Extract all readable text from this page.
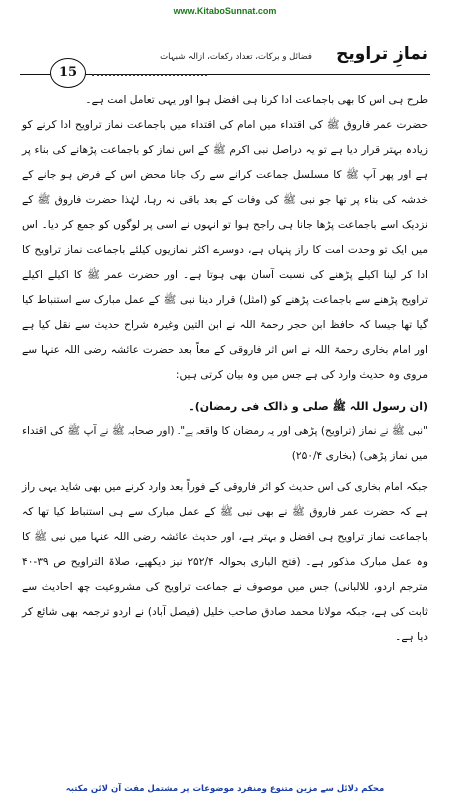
www.KitaboSunnat.com
نمازِ تراویح
فضائل و برکات، تعداد رکعات، ازالہ شبہات
15

طرح ہی اس کا بھی باجماعت ادا کرنا ہی افضل ہوا اور یہی تعامل امت ہے۔

حضرت عمر فاروق ﷺ کی اقتداء میں امام کی اقتداء میں باجماعت نماز تراویح ادا کرنے کو زیادہ بہتر قرار دیا ہے تو یہ دراصل نبی اکرم ﷺ کے اس نماز کو باجماعت پڑھانے کی بناء پر ہے اور پھر آپ ﷺ کا مسلسل جماعت کرانے سے رک جانا محض اس کے فرض ہو جانے کے خدشہ کی بناء پر تھا جو نبی ﷺ کی وفات کے بعد باقی نہ رہا، لہٰذا حضرت فاروق ﷺ کے نزدیک اسے باجماعت پڑھا جانا ہی راجح ہوا تو انہوں نے اسی پر لوگوں کو جمع کر دیا۔ اس میں ایک تو وحدت امت کا راز پنہاں ہے، دوسرے اکثر نمازیوں کیلئے باجماعت نماز تراویح کا ادا کر لینا اکیلے پڑھنے کی نسبت آسان بھی ہوتا ہے۔ اور حضرت عمر ﷺ کا اکیلے اکیلے تراویح پڑھنے سے باجماعت پڑھنے کو (امثل) قرار دینا نبی ﷺ کے عمل مبارک سے استنباط کیا گیا تھا جیسا کہ حافظ ابن حجر رحمۃ اللہ نے ابن التین وغیرہ شراح حدیث سے نقل کیا ہے اور امام بخاری رحمۃ اللہ نے اس اثر فاروقی کے معاً بعد حضرت عائشہ رضی اللہ عنہا سے مروی وہ حدیث وارد کی ہے جس میں وہ بیان کرتی ہیں:

(ان رسول اللہ ﷺ صلی و ذالک فی رمضان)۔

"نبی ﷺ نے نماز (تراویح) پڑھی اور یہ رمضان کا واقعہ ہے"۔ (اور صحابہ ﷺ نے آپ ﷺ کی اقتداء میں نماز پڑھی) (بخاری ۲۵۰/۴)

جبکہ امام بخاری کی اس حدیث کو اثر فاروقی کے فوراً بعد وارد کرنے میں بھی شاید یہی راز ہے کہ حضرت عمر فاروق ﷺ نے بھی نبی ﷺ کے عمل مبارک سے ہی استنباط کیا تھا کہ باجماعت نماز تراویح ہی افضل و بہتر ہے، اور حدیث عائشہ رضی اللہ عنہا میں نبی ﷺ کا وہ عمل مبارک مذکور ہے۔ (فتح الباری بحوالہ ۲۵۲/۴ نیز دیکھیے، صلاۃ التراویح ص ۳۹-۴۰ مترجم اردو، للالبانی) جس میں موصوف نے جماعت تراویح کی مشروعیت چھ احادیث سے ثابت کی ہے، جبکہ مولانا محمد صادق صاحب خلیل (فیصل آباد) نے اردو ترجمہ بھی شائع کر دیا ہے۔

محکم دلائل سے مزین متنوع ومنفرد موضوعات پر مشتمل مفت آن لائن مکتبہ
